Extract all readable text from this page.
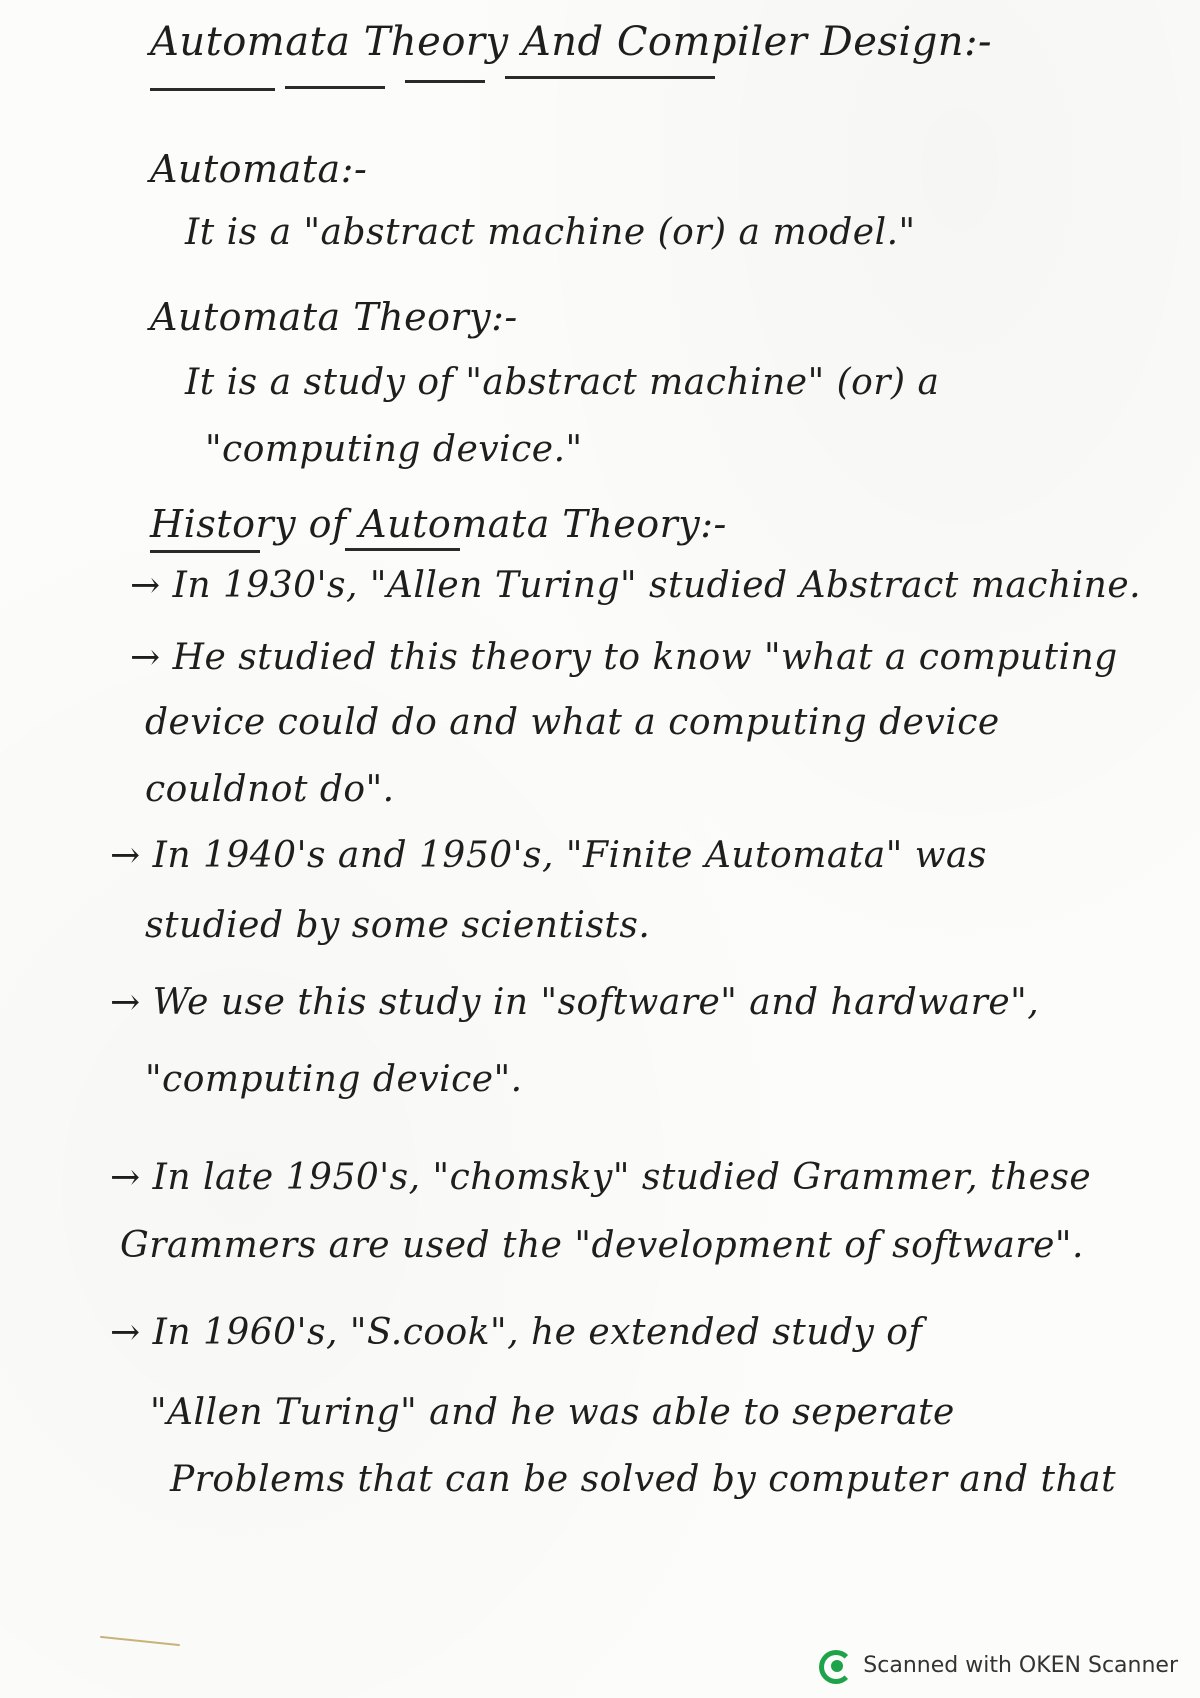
Automata Theory And Compiler Design:-
Automata:-
It is a "abstract machine (or) a model."
Automata Theory:-
It is a study of "abstract machine" (or) a
"computing device."
History of Automata Theory:-
→ In 1930's, "Allen Turing" studied Abstract machine.
→ He studied this theory to know "what a computing
device could do and what a computing device
couldnot do".
→ In 1940's and 1950's, "Finite Automata" was
studied by some scientists.
→ We use this study in "software" and hardware",
"computing device".
→ In late 1950's, "chomsky" studied Grammer, these
Grammers are used the "development of software".
→ In 1960's, "S.cook", he extended study of
"Allen Turing" and he was able to seperate
Problems that can be solved by computer and that
Scanned with OKEN Scanner
